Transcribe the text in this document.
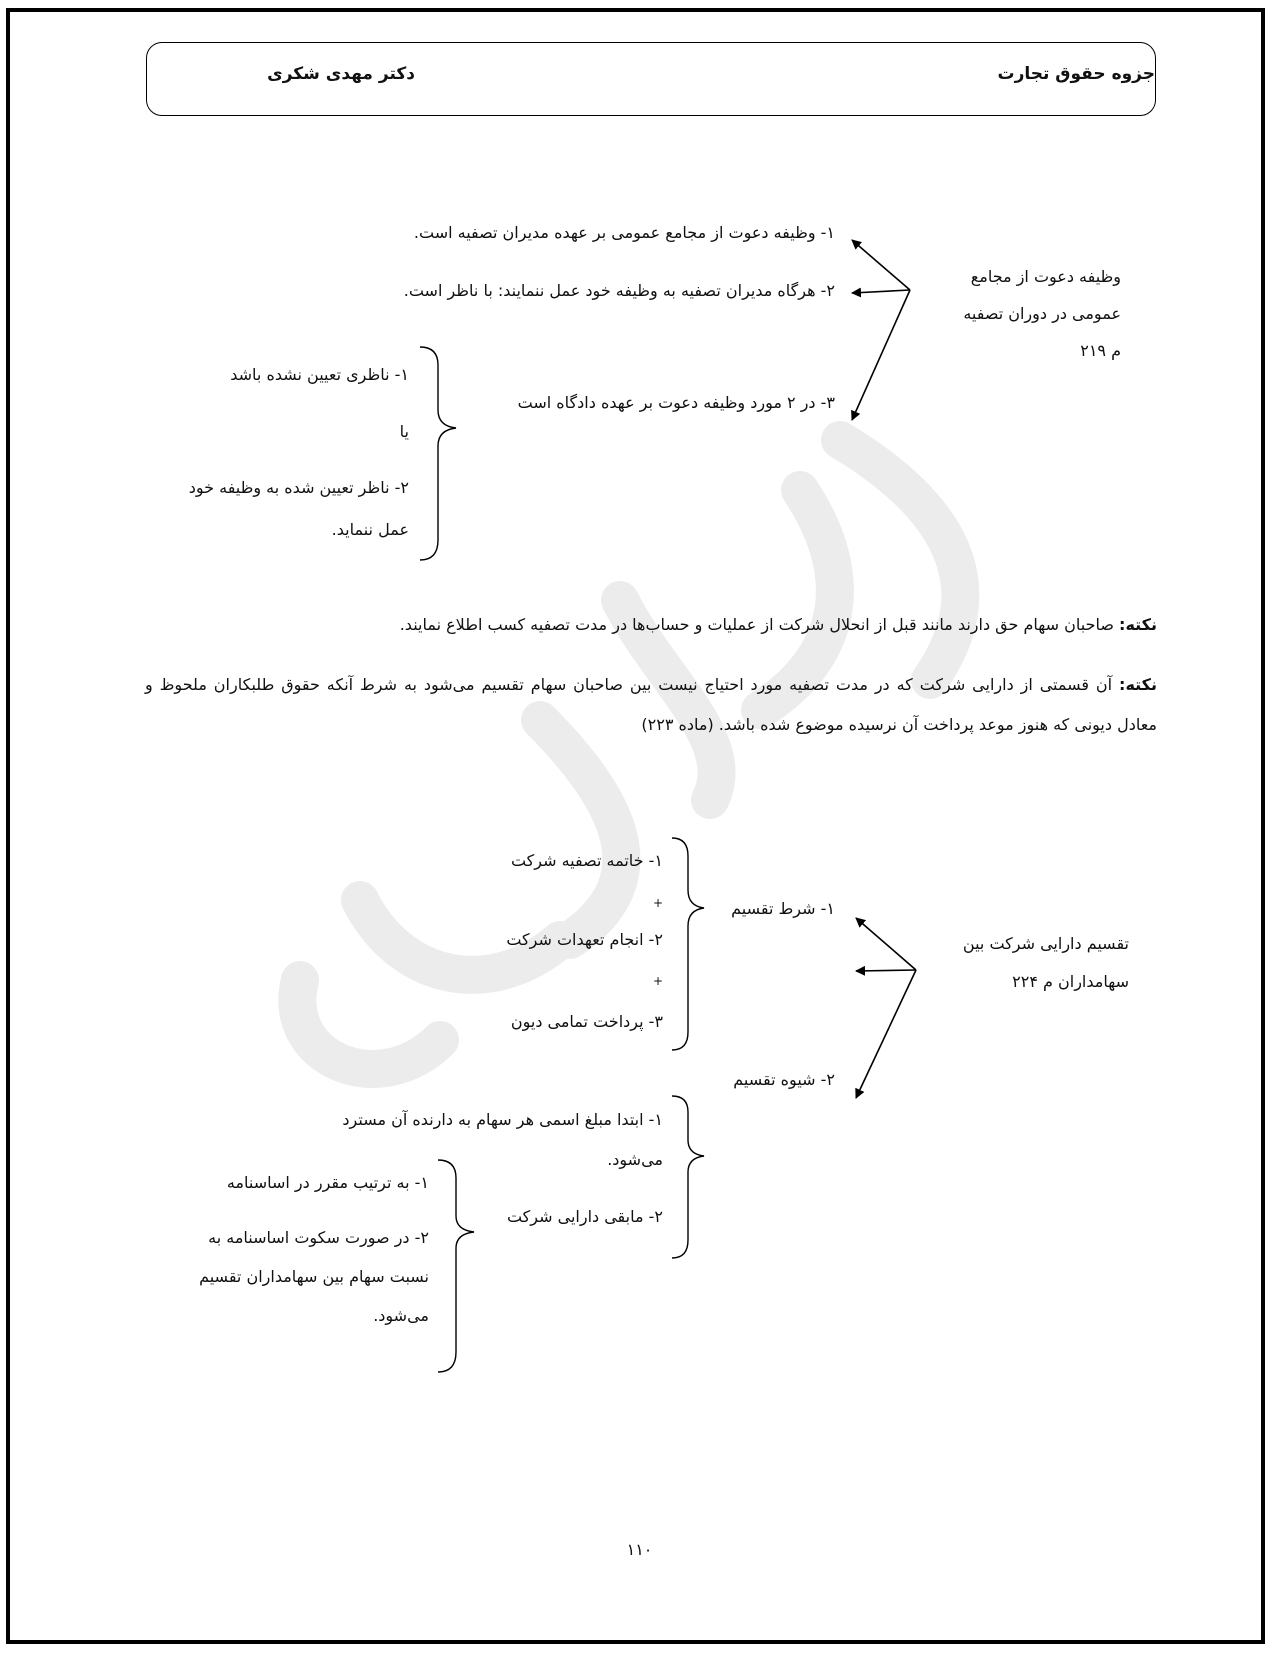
جزوه حقوق تجارت
دکتر مهدی شکری
وظیفه دعوت از مجامع
عمومی در دوران تصفیه
م ۲۱۹
۱- وظیفه دعوت از مجامع عمومی بر عهده مدیران تصفیه است.
۲- هرگاه مدیران تصفیه به وظیفه خود عمل ننمایند: با ناظر است.
۳- در ۲ مورد وظیفه دعوت بر عهده دادگاه است
۱- ناظری تعیین نشده باشد
یا
۲- ناظر تعیین شده به وظیفه خود
عمل ننماید.
نکته: صاحبان سهام حق دارند مانند قبل از انحلال شرکت از عملیات و حساب‌ها در مدت تصفیه کسب اطلاع نمایند.
نکته: آن قسمتی از دارایی شرکت که در مدت تصفیه مورد احتیاج نیست بین صاحبان سهام تقسیم می‌شود به شرط آنکه حقوق طلبکاران ملحوظ و معادل دیونی که هنوز موعد پرداخت آن نرسیده موضوع شده باشد. (ماده ۲۲۳)
تقسیم دارایی شرکت بین
سهامداران م ۲۲۴
۱- شرط تقسیم
۲- شیوه تقسیم
۱- خاتمه تصفیه شرکت
+
۲- انجام تعهدات شرکت
+
۳- پرداخت تمامی دیون
۱- ابتدا مبلغ اسمی هر سهام به دارنده آن مسترد
می‌شود.
۲- مابقی دارایی شرکت
۱- به ترتیب مقرر در اساسنامه
۲- در صورت سکوت اساسنامه به
نسبت سهام بین سهامداران تقسیم
می‌شود.
۱۱۰
